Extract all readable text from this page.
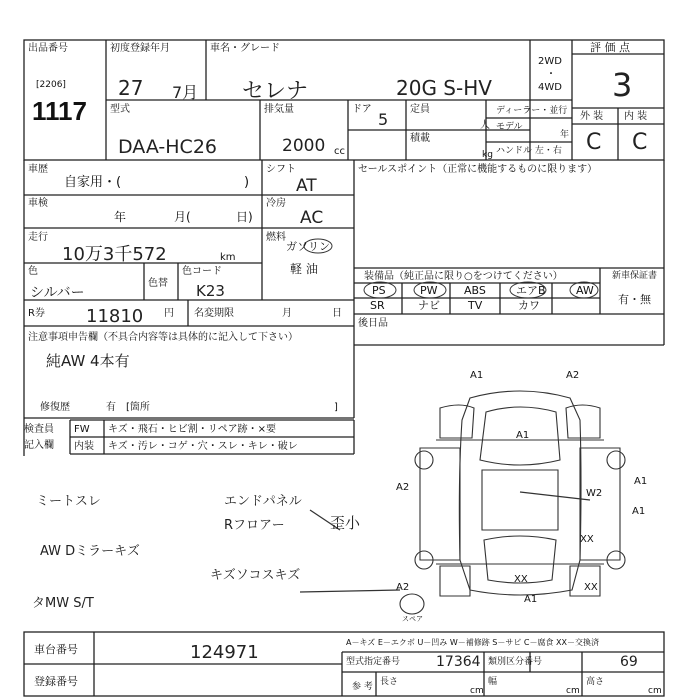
出品番号
[2206]
1117
初度登録年月
27 7月
車名・グレード
セレナ	20G S-HV
2WD
・
4WD
評 価 点
3
型式
DAA-HC26
排気量
2000 cc
ドア
5
定員
人
積載
kg
ディーラー・並行
モデル
年
ハンドル 左・右
外 装 内 装
C C
車歴
自家用・(	)
車検
年	月(	日)
走行
10万3千572	km
色
シルバー
色替
色コード
K23
R券 11810 円 名変期限	月	日
シフト
AT
冷房
AC
燃料
ガソリン
軽 油
セールスポイント（正常に機能するものに限ります）
装備品（純正品に限り○をつけてください）	新車保証書
有・無
PS	PW ABS	エアB	AW
SR	ナビ	TV	カワ
後日品
注意事項申告欄（不具合内容等は具体的に記入して下さい）
純AW 4本有
修復歴	有 [箇所	]
検査員
記入欄
FW キズ・飛石・ヒビ割・リペア跡・×要
内装 キズ・汚レ・コゲ・穴・スレ・キレ・破レ
ミートスレ	エンドパネル
Rフロアー	歪小
AW Dミラーキズ
キズソコスキズ
タMW S/T
A1	A2
A1
A2
A1
W2
A1
XX
XX
A2	XX
A1
スペア
A－キズ E－エクボ U－凹み W－補修跡 S－サビ C－腐食 XX－交換済
車台番号	124971
登録番号
型式指定番号	17364 類別区分番号	69
参 考 長さ
cm
幅
cm
高さ
cm
